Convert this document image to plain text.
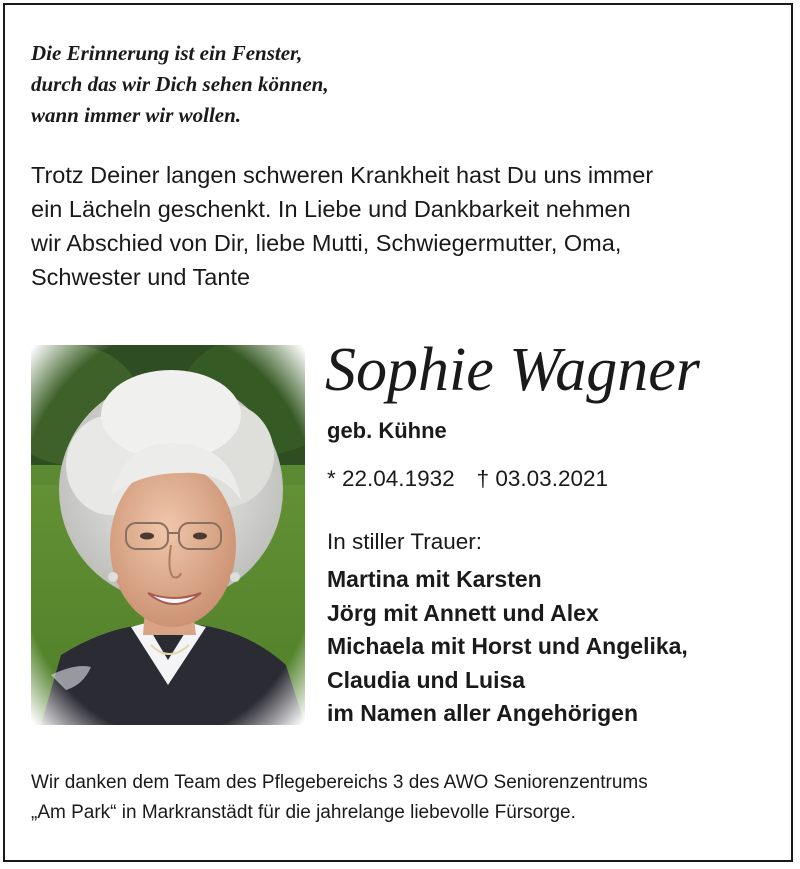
Die Erinnerung ist ein Fenster,
durch das wir Dich sehen können,
wann immer wir wollen.
Trotz Deiner langen schweren Krankheit hast Du uns immer
ein Lächeln geschenkt. In Liebe und Dankbarkeit nehmen
wir Abschied von Dir, liebe Mutti, Schwiegermutter, Oma,
Schwester und Tante
Sophie Wagner
geb. Kühne
* 22.04.1932 † 03.03.2021
In stiller Trauer:
Martina mit Karsten
Jörg mit Annett und Alex
Michaela mit Horst und Angelika,
Claudia und Luisa
im Namen aller Angehörigen
Wir danken dem Team des Pflegebereichs 3 des AWO Seniorenzentrums
„Am Park“ in Markranstädt für die jahrelange liebevolle Fürsorge.
